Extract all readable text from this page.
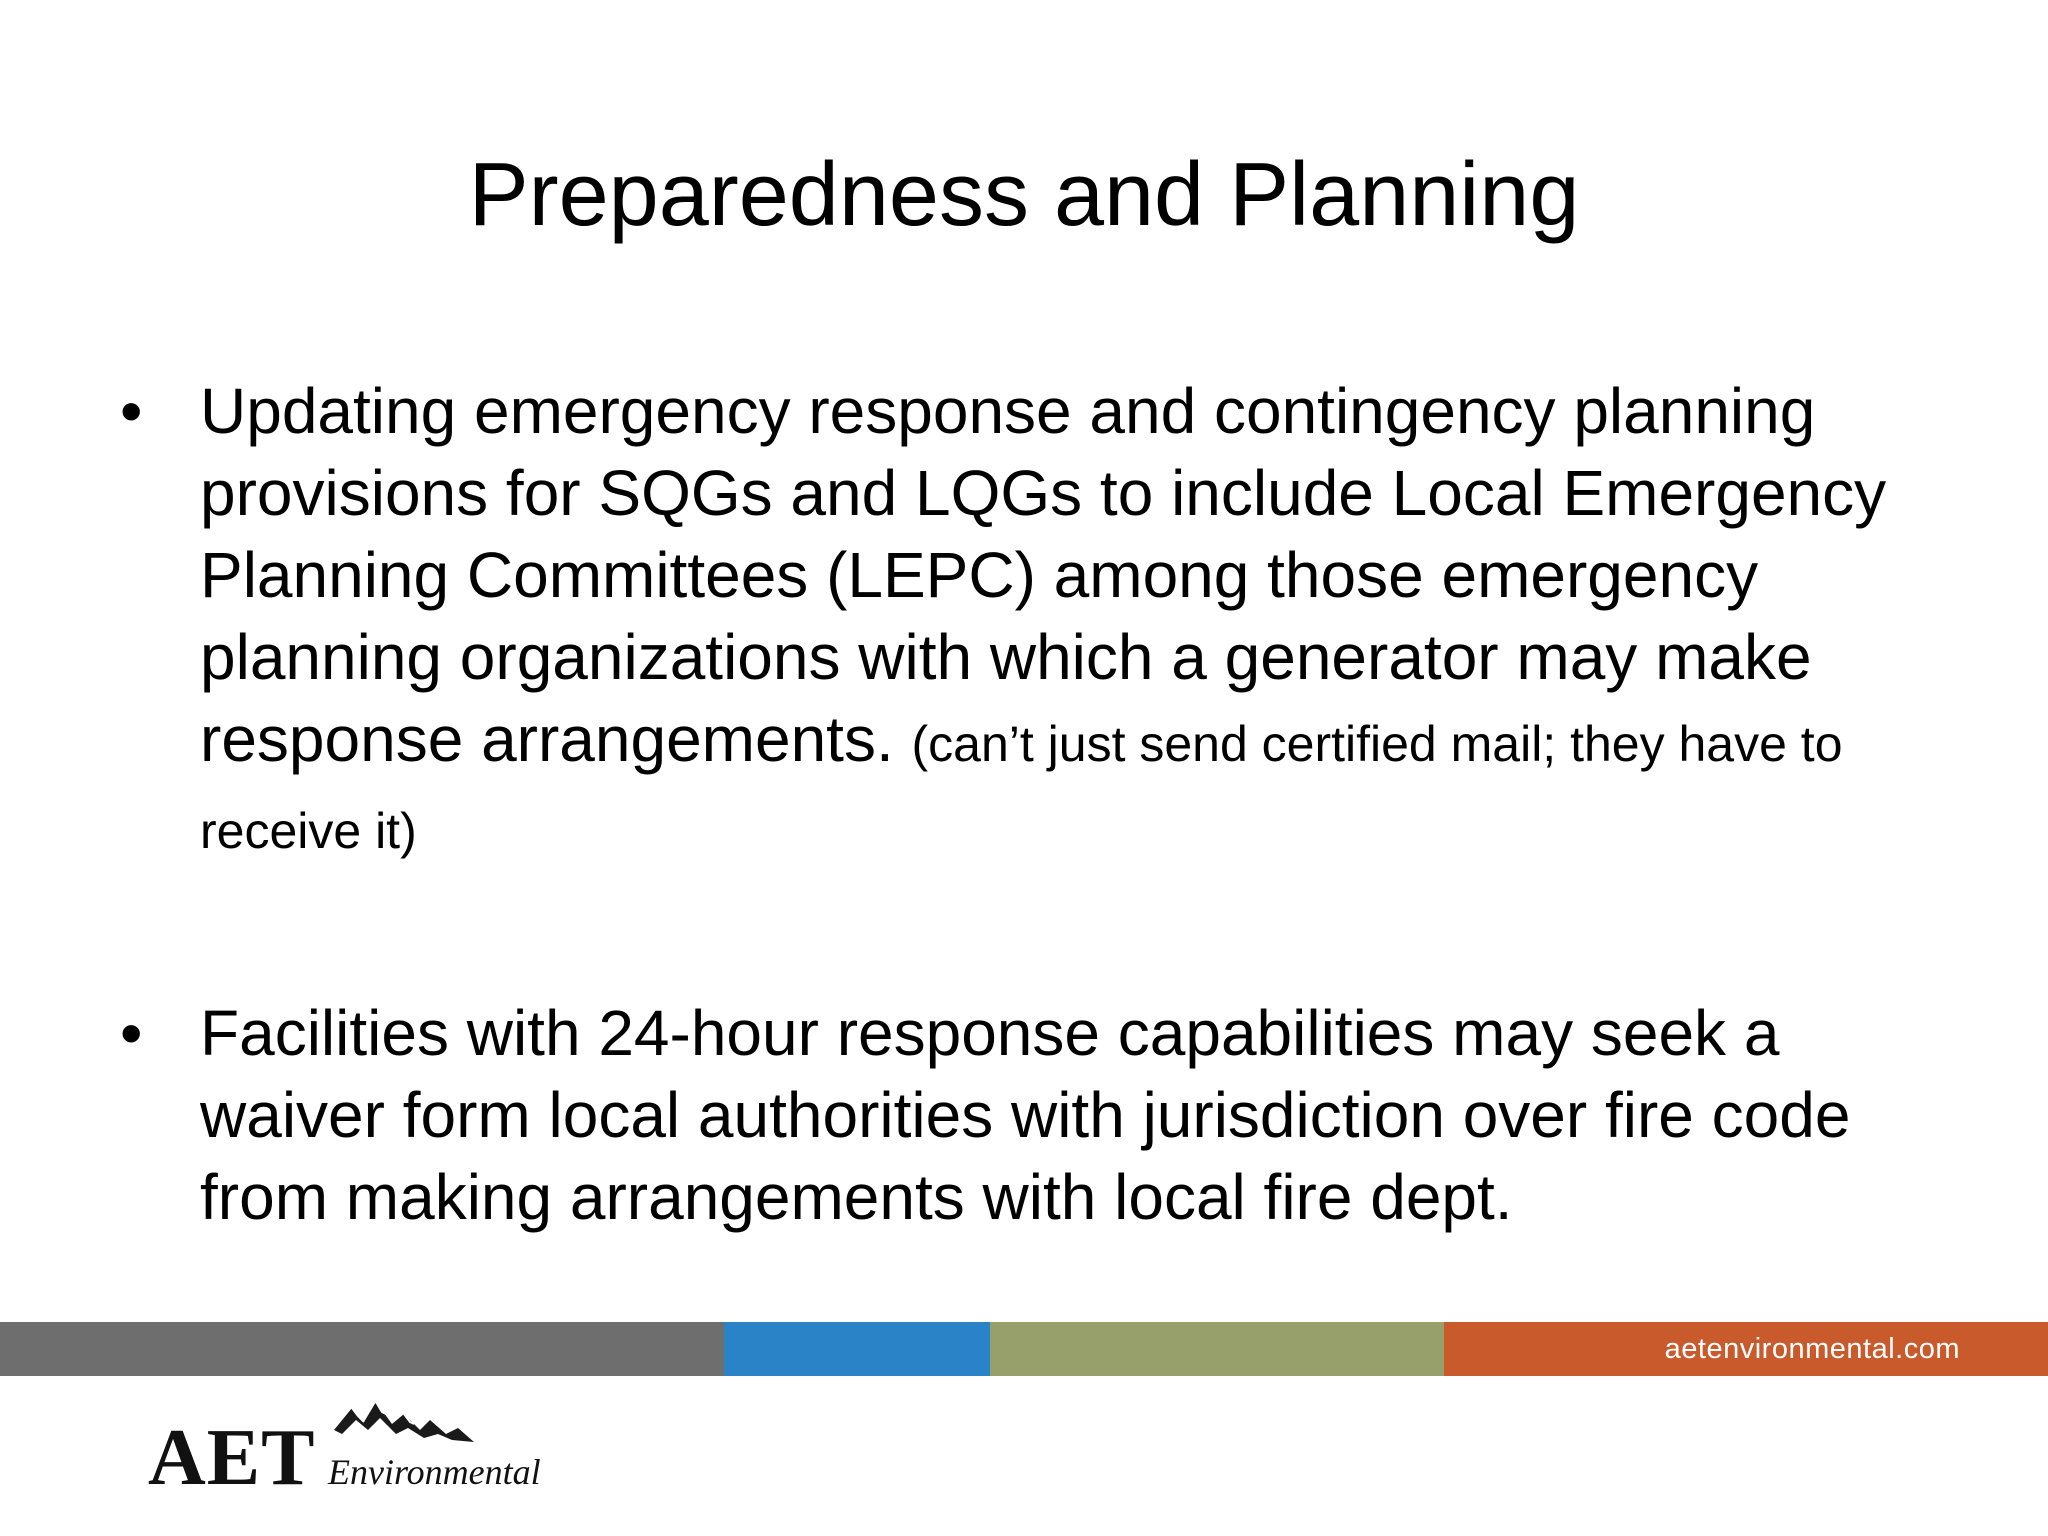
Preparedness and Planning
• Updating emergency response and contingency planning provisions for SQGs and LQGs to include Local Emergency Planning Committees (LEPC) among those emergency planning organizations with which a generator may make response arrangements. (can’t just send certified mail; they have to receive it)
• Facilities with 24-hour response capabilities may seek a waiver form local authorities with jurisdiction over fire code from making arrangements with local fire dept.
aetenvironmental.com
AET Environmental
